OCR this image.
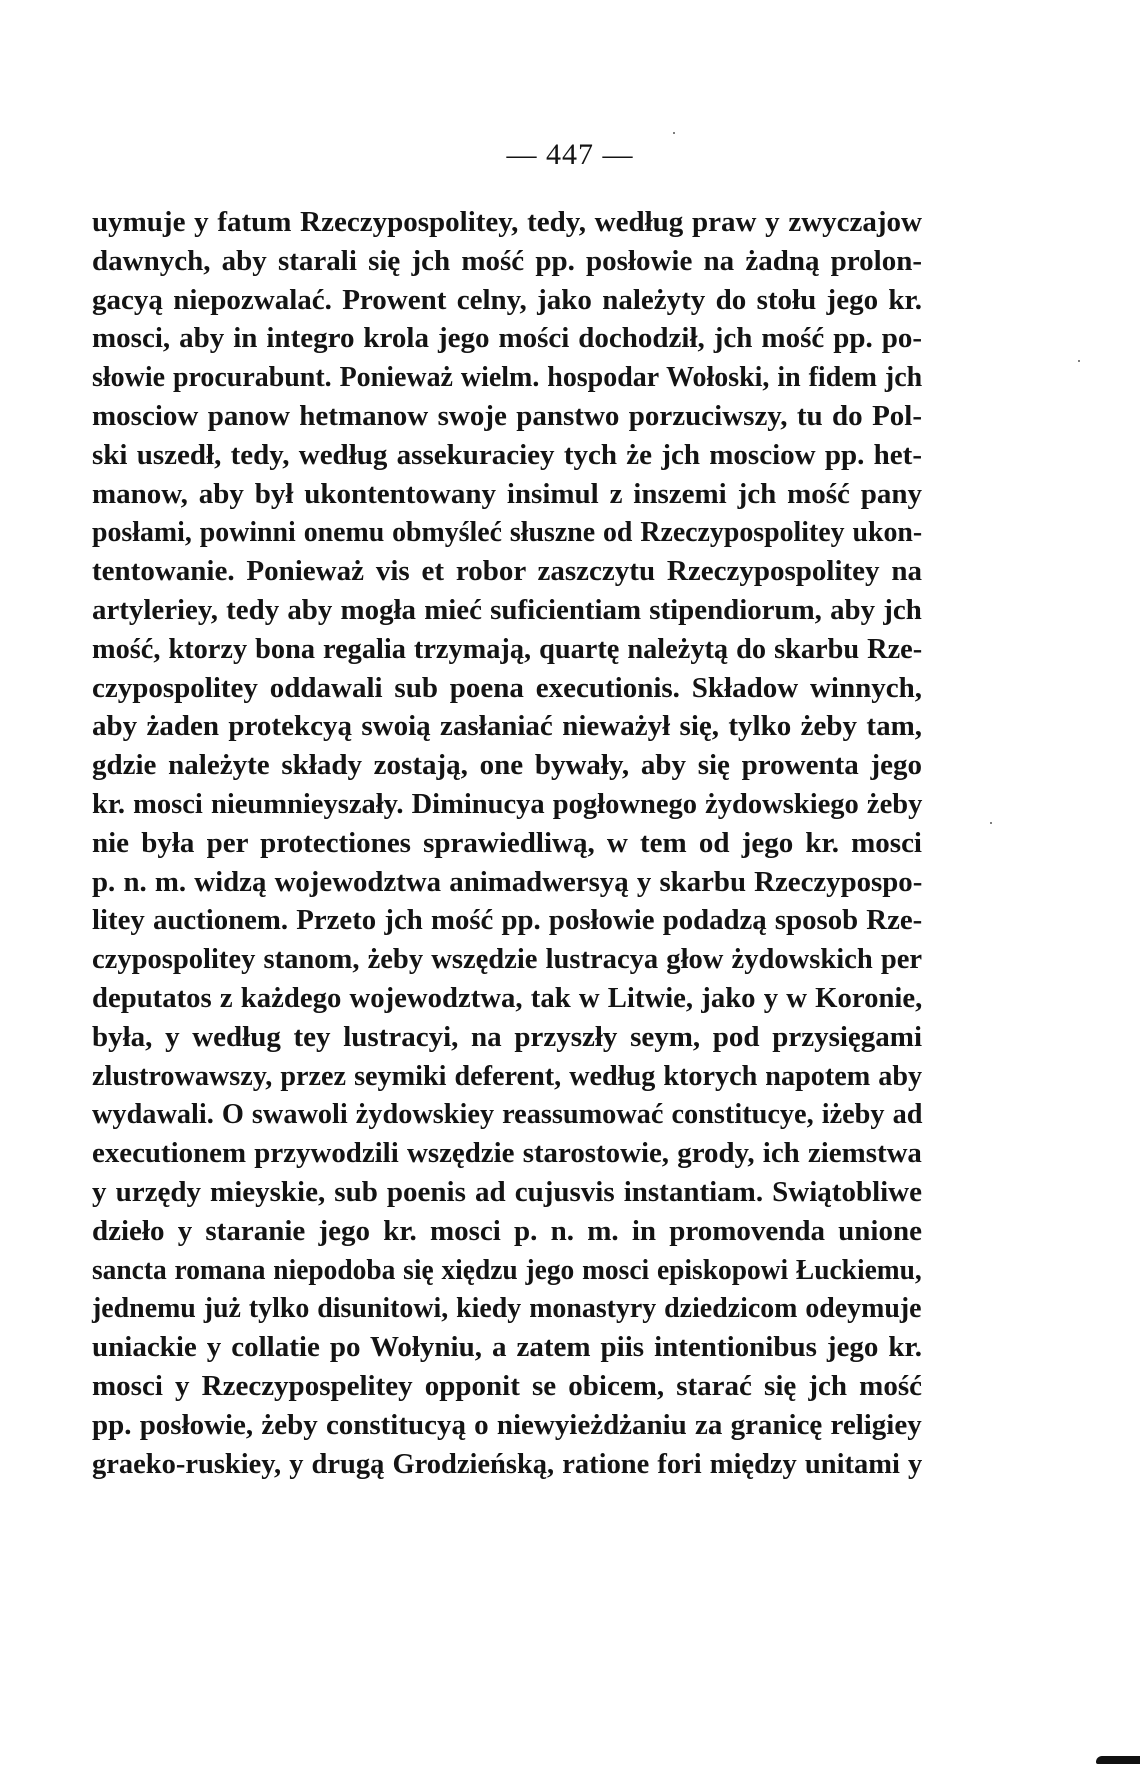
— 447 —
uymuje y fatum Rzeczypospolitey, tedy, według praw y zwyczajow
dawnych, aby starali się jch mość pp. posłowie na żadną prolon-
gacyą niepozwalać. Prowent celny, jako należyty do stołu jego kr.
mosci, aby in integro krola jego mości dochodził, jch mość pp. po-
słowie procurabunt. Ponieważ wielm. hospodar Wołoski, in fidem jch
mosciow panow hetmanow swoje panstwo porzuciwszy, tu do Pol-
ski uszedł, tedy, według assekuraciey tych że jch mosciow pp. het-
manow, aby był ukontentowany insimul z inszemi jch mość pany
posłami, powinni onemu obmyśleć słuszne od Rzeczypospolitey ukon-
tentowanie. Ponieważ vis et robor zaszczytu Rzeczypospolitey na
artyleriey, tedy aby mogła mieć suficientiam stipendiorum, aby jch
mość, ktorzy bona regalia trzymają, quartę należytą do skarbu Rze-
czypospolitey oddawali sub poena executionis. Składow winnych,
aby żaden protekcyą swoią zasłaniać nieważył się, tylko żeby tam,
gdzie należyte składy zostają, one bywały, aby się prowenta jego
kr. mosci nieumnieyszały. Diminucya pogłownego żydowskiego żeby
nie była per protectiones sprawiedliwą, w tem od jego kr. mosci
p. n. m. widzą wojewodztwa animadwersyą y skarbu Rzeczypospo-
litey auctionem. Przeto jch mość pp. posłowie podadzą sposob Rze-
czypospolitey stanom, żeby wszędzie lustracya głow żydowskich per
deputatos z każdego wojewodztwa, tak w Litwie, jako y w Koronie,
była, y według tey lustracyi, na przyszły seym, pod przysięgami
zlustrowawszy, przez seymiki deferent, według ktorych napotem aby
wydawali. O swawoli żydowskiey reassumować constitucye, iżeby ad
executionem przywodzili wszędzie starostowie, grody, ich ziemstwa
y urzędy mieyskie, sub poenis ad cujusvis instantiam. Swiątobliwe
dzieło y staranie jego kr. mosci p. n. m. in promovenda unione
sancta romana niepodoba się xiędzu jego mosci episkopowi Łuckiemu,
jednemu już tylko disunitowi, kiedy monastyry dziedzicom odeymuje
uniackie y collatie po Wołyniu, a zatem piis intentionibus jego kr.
mosci y Rzeczypospelitey opponit se obicem, starać się jch mość
pp. posłowie, żeby constitucyą o niewyieżdżaniu za granicę religiey
graeko-ruskiey, y drugą Grodzieńską, ratione fori między unitami y
